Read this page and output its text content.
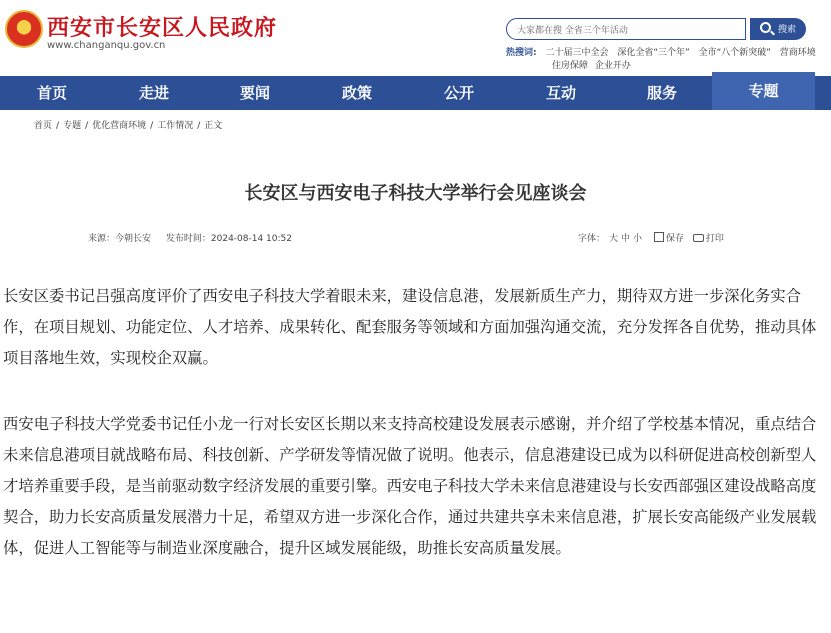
★
西安市长安区人民政府
www.changanqu.gov.cn
大家都在搜 全省三个年活动	搜索
热搜词: 二十届三中全会 深化全省“三个年” 全市“八个新突破” 营商环境
住房保障 企业开办
首页	走进	要闻	政策	公开	互动	服务	专题
首页 / 专题 / 优化营商环境 / 工作情况 / 正文
长安区与西安电子科技大学举行会见座谈会
来源：今朝长安 发布时间：2024-08-14 10:52	字体： 大 中 小	保存 打印

长安区委书记吕强高度评价了西安电子科技大学着眼未来，建设信息港，发展新质生产力，期待双方进一步深化务实合作，在项目规划、功能定位、人才培养、成果转化、配套服务等领域和方面加强沟通交流，充分发挥各自优势，推动具体项目落地生效，实现校企双赢。

西安电子科技大学党委书记任小龙一行对长安区长期以来支持高校建设发展表示感谢，并介绍了学校基本情况，重点结合未来信息港项目就战略布局、科技创新、产学研发等情况做了说明。他表示，信息港建设已成为以科研促进高校创新型人才培养重要手段，是当前驱动数字经济发展的重要引擎。西安电子科技大学未来信息港建设与长安西部强区建设战略高度契合，助力长安高质量发展潜力十足，希望双方进一步深化合作，通过共建共享未来信息港，扩展长安高能级产业发展载体，促进人工智能等与制造业深度融合，提升区域发展能级，助推长安高质量发展。
